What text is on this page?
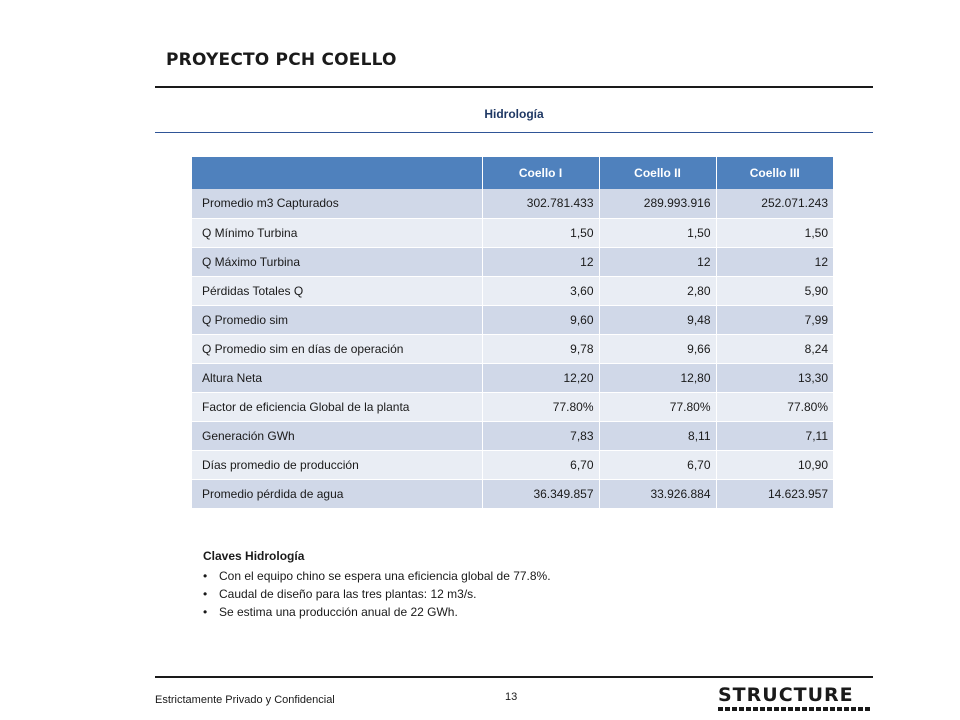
PROYECTO PCH COELLO
Hidrología
	Coello I	Coello II	Coello III
Promedio m3 Capturados	302.781.433	289.993.916	252.071.243
Q Mínimo Turbina	1,50	1,50	1,50
Q Máximo Turbina	12	12	12
Pérdidas Totales Q	3,60	2,80	5,90
Q Promedio sim	9,60	9,48	7,99
Q Promedio sim en días de operación	9,78	9,66	8,24
Altura Neta	12,20	12,80	13,30
Factor de eficiencia Global de la planta	77.80%	77.80%	77.80%
Generación GWh	7,83	8,11	7,11
Días promedio de producción	6,70	6,70	10,90
Promedio pérdida de agua	36.349.857	33.926.884	14.623.957
Claves Hidrología
• Con el equipo chino se espera una eficiencia global de 77.8%.
• Caudal de diseño para las tres plantas: 12 m3/s.
• Se estima una producción anual de 22 GWh.
Estrictamente Privado y Confidencial	13	STRUCTURE
